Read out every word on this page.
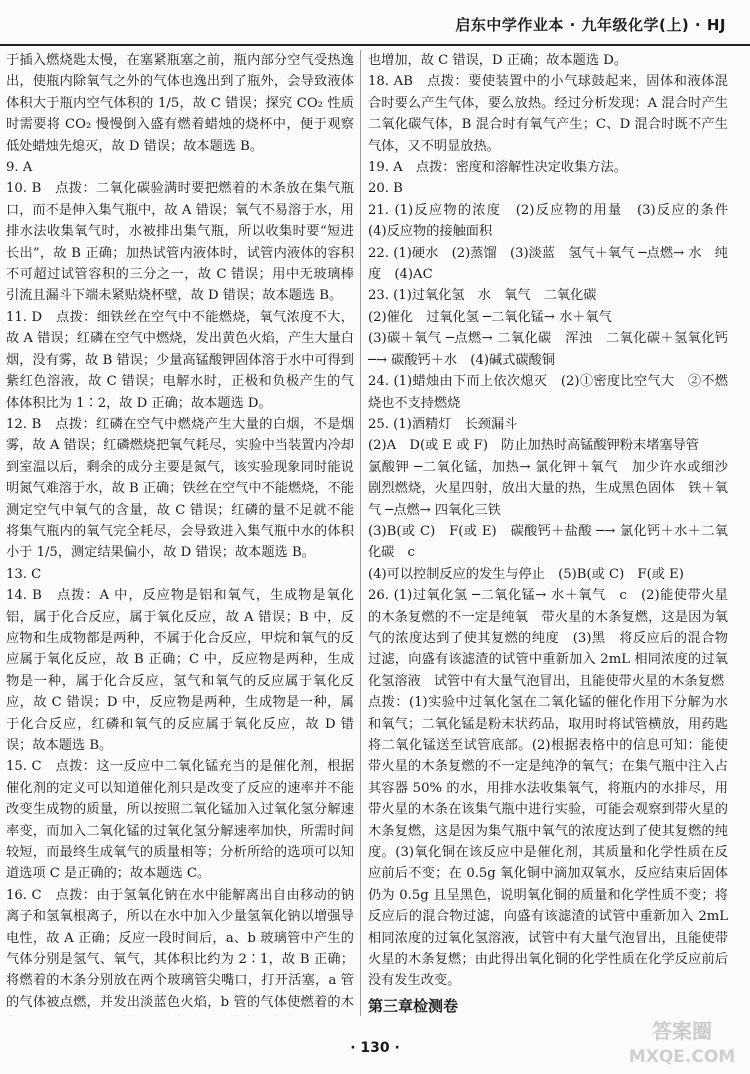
启东中学作业本 · 九年级化学(上) · HJ

于插入燃烧匙太慢，在塞紧瓶塞之前，瓶内部分空气受热逸出，使瓶内除氧气之外的气体也逸出到了瓶外，会导致液体体积大于瓶内空气体积的 1/5，故 C 错误；探究 CO₂ 性质时需要将 CO₂ 慢慢倒入盛有燃着蜡烛的烧杯中，便于观察低处蜡烛先熄灭，故 D 错误；故本题选 B。

9. A

10. B　点拨：二氧化碳验满时要把燃着的木条放在集气瓶口，而不是伸入集气瓶中，故 A 错误；氧气不易溶于水，用排水法收集氧气时，水被排出集气瓶，所以收集时要“短进长出”，故 B 正确；加热试管内液体时，试管内液体的容积不可超过试管容积的三分之一，故 C 错误；用中无玻璃棒引流且漏斗下端未紧贴烧杯壁，故 D 错误；故本题选 B。

11. D　点拨：细铁丝在空气中不能燃烧，氧气浓度不大，故 A 错误；红磷在空气中燃烧，发出黄色火焰，产生大量白烟，没有雾，故 B 错误；少量高锰酸钾固体溶于水中可得到紫红色溶液，故 C 错误；电解水时，正极和负极产生的气体体积比为 1∶2，故 D 正确；故本题选 D。

12. B　点拨：红磷在空气中燃烧产生大量的白烟，不是烟雾，故 A 错误；红磷燃烧把氧气耗尽，实验中当装置内冷却到室温以后，剩余的成分主要是氮气，该实验现象同时能说明氮气难溶于水，故 B 正确；铁丝在空气中不能燃烧，不能测定空气中氧气的含量，故 C 错误；红磷的量不足就不能将集气瓶内的氧气完全耗尽，会导致进入集气瓶中水的体积小于 1/5，测定结果偏小，故 D 错误；故本题选 B。

13. C

14. B　点拨：A 中，反应物是铝和氧气，生成物是氧化铝，属于化合反应，属于氧化反应，故 A 错误；B 中，反应物和生成物都是两种，不属于化合反应，甲烷和氧气的反应属于氧化反应，故 B 正确；C 中，反应物是两种，生成物是一种，属于化合反应，氢气和氧气的反应属于氧化反应，故 C 错误；D 中，反应物是两种，生成物是一种，属于化合反应，红磷和氧气的反应属于氧化反应，故 D 错误；故本题选 B。

15. C　点拨：这一反应中二氧化锰充当的是催化剂，根据催化剂的定义可以知道催化剂只是改变了反应的速率并不能改变生成物的质量，所以按照二氧化锰加入过氧化氢分解速率变，而加入二氧化锰的过氧化氢分解速率加快，所需时间较短，而最终生成氧气的质量相等；分析所给的选项可以知道选项 C 是正确的；故本题选 C。

16. C　点拨：由于氢氧化钠在水中能解离出自由移动的钠离子和氢氧根离子，所以在水中加入少量氢氧化钠以增强导电性，故 A 正确；反应一段时间后，a、b 玻璃管中产生的气体分别是氢气、氧气，其体积比约为 2∶1，故 B 正确；将燃着的木条分别放在两个玻璃管尖嘴口，打开活塞，a 管的气体被点燃，并发出淡蓝色火焰，b 管的气体使燃着的木

也增加，故 C 错误，D 正确；故本题选 D。

18. AB　点拨：要使装置中的小气球鼓起来，固体和液体混合时要么产生气体，要么放热。经过分析发现：A 混合时产生二氧化碳气体，B 混合时有氧气产生；C、D 混合时既不产生气体，又不明显放热。

19. A　点拨：密度和溶解性决定收集方法。

20. B

21. (1)反应物的浓度　(2)反应物的用量　(3)反应的条件　(4)反应物的接触面积

22. (1)硬水　(2)蒸馏　(3)淡蓝　氢气＋氧气 ─点燃→ 水　纯度　(4)AC

23. (1)过氧化氢　水　氧气　二氧化碳

(2)催化　过氧化氢 ─二氧化锰→ 水＋氧气

(3)碳＋氧气 ─点燃→ 二氧化碳　浑浊　二氧化碳＋氢氧化钙 ─→ 碳酸钙＋水　(4)碱式碳酸铜

24. (1)蜡烛由下而上依次熄灭　(2)①密度比空气大　②不燃烧也不支持燃烧

25. (1)酒精灯　长颈漏斗

(2)A　D(或 E 或 F)　防止加热时高锰酸钾粉末堵塞导管

氯酸钾 ─二氧化锰，加热→ 氯化钾＋氧气　加少许水或细沙　剧烈燃烧，火星四射，放出大量的热，生成黑色固体　铁＋氧气 ─点燃→ 四氧化三铁

(3)B(或 C)　F(或 E)　碳酸钙＋盐酸 ─→ 氯化钙＋水＋二氧化碳　c

(4)可以控制反应的发生与停止　(5)B(或 C)　F(或 E)

26. (1)过氧化氢 ─二氧化锰→ 水＋氧气　c　(2)能使带火星的木条复燃的不一定是纯氧　带火星的木条复燃，这是因为氧气的浓度达到了使其复燃的纯度　(3)黑　将反应后的混合物过滤，向盛有该滤渣的试管中重新加入 2mL 相同浓度的过氧化氢溶液　试管中有大量气泡冒出，且能使带火星的木条复燃

点拨：(1)实验中过氧化氢在二氧化锰的催化作用下分解为水和氧气；二氧化锰是粉末状药品，取用时将试管横放，用药匙将二氧化锰送至试管底部。(2)根据表格中的信息可知：能使带火星的木条复燃的不一定是纯净的氧气；在集气瓶中注入占其容器 50% 的水，用排水法收集氧气，将瓶内的水排尽，用带火星的木条在该集气瓶中进行实验，可能会观察到带火星的木条复燃，这是因为集气瓶中氧气的浓度达到了使其复燃的纯度。(3)氧化铜在该反应中是催化剂，其质量和化学性质在反应前后不变；在 0.5g 氧化铜中滴加双氧水，反应结束后固体仍为 0.5g 且呈黑色，说明氧化铜的质量和化学性质不变；将反应后的混合物过滤，向盛有该滤渣的试管中重新加入 2mL 相同浓度的过氧化氢溶液，试管中有大量气泡冒出，且能使带火星的木条复燃；由此得出氧化铜的化学性质在化学反应前后没有发生改变。

第三章检测卷

· 130 ·
答案圈
MXQE.COM
